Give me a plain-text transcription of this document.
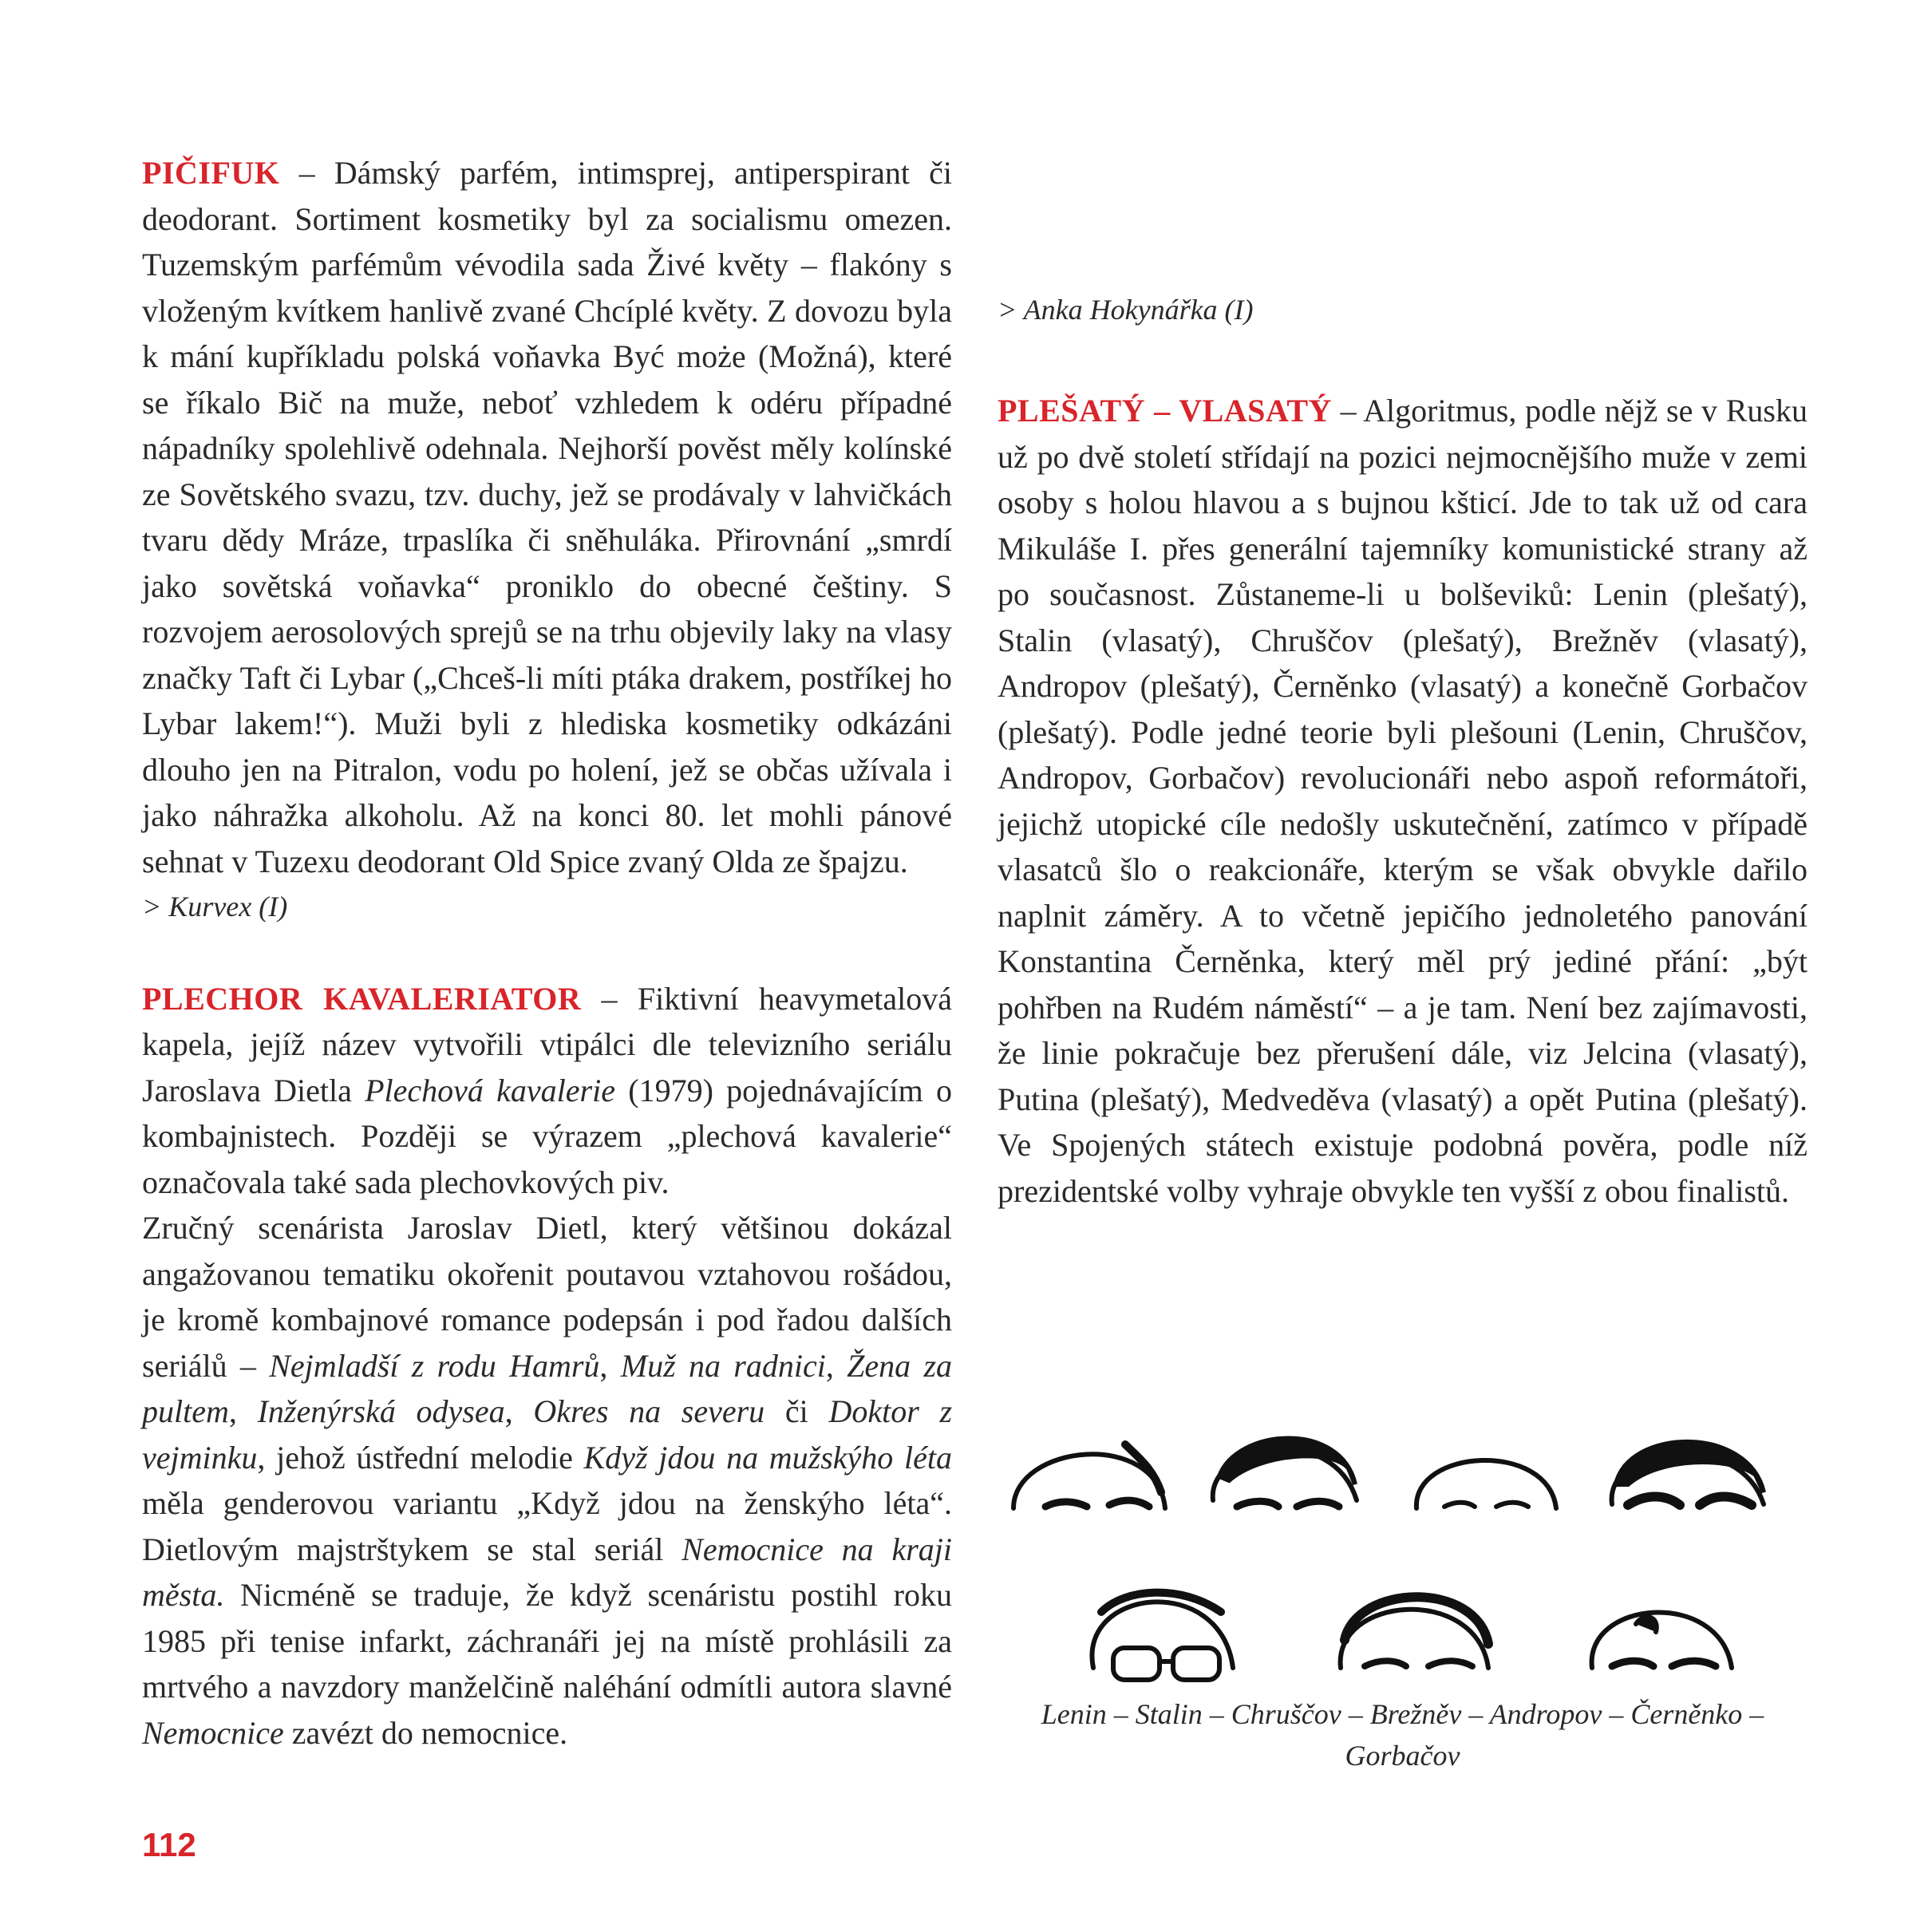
PIČIFUK – Dámský parfém, intimsprej, antiperspirant či deodorant. Sortiment kosmetiky byl za socialismu omezen. Tuzemským parfémům vévodila sada Živé květy – flakóny s vloženým kvítkem hanlivě zvané Chcíplé květy. Z dovozu byla k mání kupříkladu polská voňavka Być może (Možná), které se říkalo Bič na muže, neboť vzhledem k odéru případné nápadníky spolehlivě odehnala. Nejhorší pověst měly kolínské ze Sovětského svazu, tzv. duchy, jež se prodávaly v lahvičkách tvaru dědy Mráze, trpaslíka či sněhuláka. Přirovnání „smrdí jako sovětská voňavka“ proniklo do obecné češtiny. S rozvojem aerosolových sprejů se na trhu objevily laky na vlasy značky Taft či Lybar („Chceš-li míti ptáka drakem, postříkej ho Lybar lakem!“). Muži byli z hlediska kosmetiky odkázáni dlouho jen na Pitralon, vodu po holení, jež se občas užívala i jako náhražka alkoholu. Až na konci 80. let mohli pánové sehnat v Tuzexu deodorant Old Spice zvaný Olda ze špajzu.

> Kurvex (I)

PLECHOR KAVALERIATOR – Fiktivní heavymetalová kapela, jejíž název vytvořili vtipálci dle televizního seriálu Jaroslava Dietla Plechová kavalerie (1979) pojednávajícím o kombajnistech. Později se výrazem „plechová kavalerie“ označovala také sada plechovkových piv.

Zručný scenárista Jaroslav Dietl, který většinou dokázal angažovanou tematiku okořenit poutavou vztahovou rošádou, je kromě kombajnové romance podepsán i pod řadou dalších seriálů – Nejmladší z rodu Hamrů, Muž na radnici, Žena za pultem, Inženýrská odysea, Okres na severu či Doktor z vejminku, jehož ústřední melodie Když jdou na mužskýho léta měla genderovou variantu „Když jdou na ženskýho léta“. Dietlovým majstrštykem se stal seriál Nemocnice na kraji města. Nicméně se traduje, že když scenáristu postihl roku 1985 při tenise infarkt, záchranáři jej na místě prohlásili za mrtvého a navzdory manželčině naléhání odmítli autora slavné Nemocnice zavézt do nemocnice.

> Anka Hokynářka (I)

PLEŠATÝ – VLASATÝ – Algoritmus, podle nějž se v Rusku už po dvě století střídají na pozici nejmocnějšího muže v zemi osoby s holou hlavou a s bujnou kšticí. Jde to tak už od cara Mikuláše I. přes generální tajemníky komunistické strany až po současnost. Zůstaneme-li u bolševiků: Lenin (plešatý), Stalin (vlasatý), Chruščov (plešatý), Brežněv (vlasatý), Andropov (plešatý), Černěnko (vlasatý) a konečně Gorbačov (plešatý). Podle jedné teorie byli plešouni (Lenin, Chruščov, Andropov, Gorbačov) revolucionáři nebo aspoň reformátoři, jejichž utopické cíle nedošly uskutečnění, zatímco v případě vlasatců šlo o reakcionáře, kterým se však obvykle dařilo naplnit záměry. A to včetně jepičího jednoletého panování Konstantina Černěnka, který měl prý jediné přání: „být pohřben na Rudém náměstí“ – a je tam. Není bez zajímavosti, že linie pokračuje bez přerušení dále, viz Jelcina (vlasatý), Putina (plešatý), Medveděva (vlasatý) a opět Putina (plešatý). Ve Spojených státech existuje podobná pověra, podle níž prezidentské volby vyhraje obvykle ten vyšší z obou finalistů.

Lenin – Stalin – Chruščov – Brežněv – Andropov – Černěnko – Gorbačov
112
